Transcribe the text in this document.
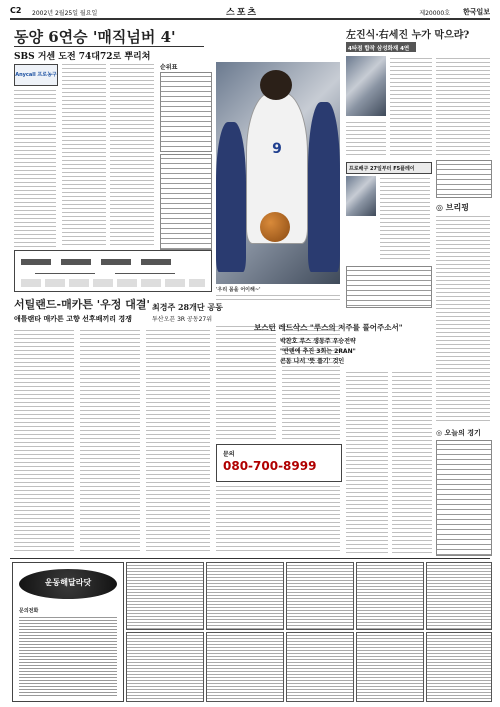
C2 2002년 2월25일 월요일	스포츠	제20000호 한국일보
동양 6연승 '매직넘버 4'
SBS 거센 도전 74대72로 뿌리쳐
Anycall 프로농구
순위표
서틸랜드-매카튼 '우정 대결'
애틀랜타 매카튼 고향 선후배끼리 경쟁
9
'우리 몸을 어이해~'
최경주 28개단 공동
투산오픈 3R 공동27위
문의
080-700-8999
左진식·右세진 누가 막으랴?
4타점 합작 삼성화재 4연
프로배구 27일부터 F5플레이
◎ 브리핑
보스턴 레드삭스 "루스의 저주를 풀어주소서"
박찬호 루스 생동주 우승전략
"반텐에 추진 3회는 2RAN"
콘돔 나서 '뜻 풀기' 것인
◎ 오늘의 경기
운동해달라닷
문의전화
